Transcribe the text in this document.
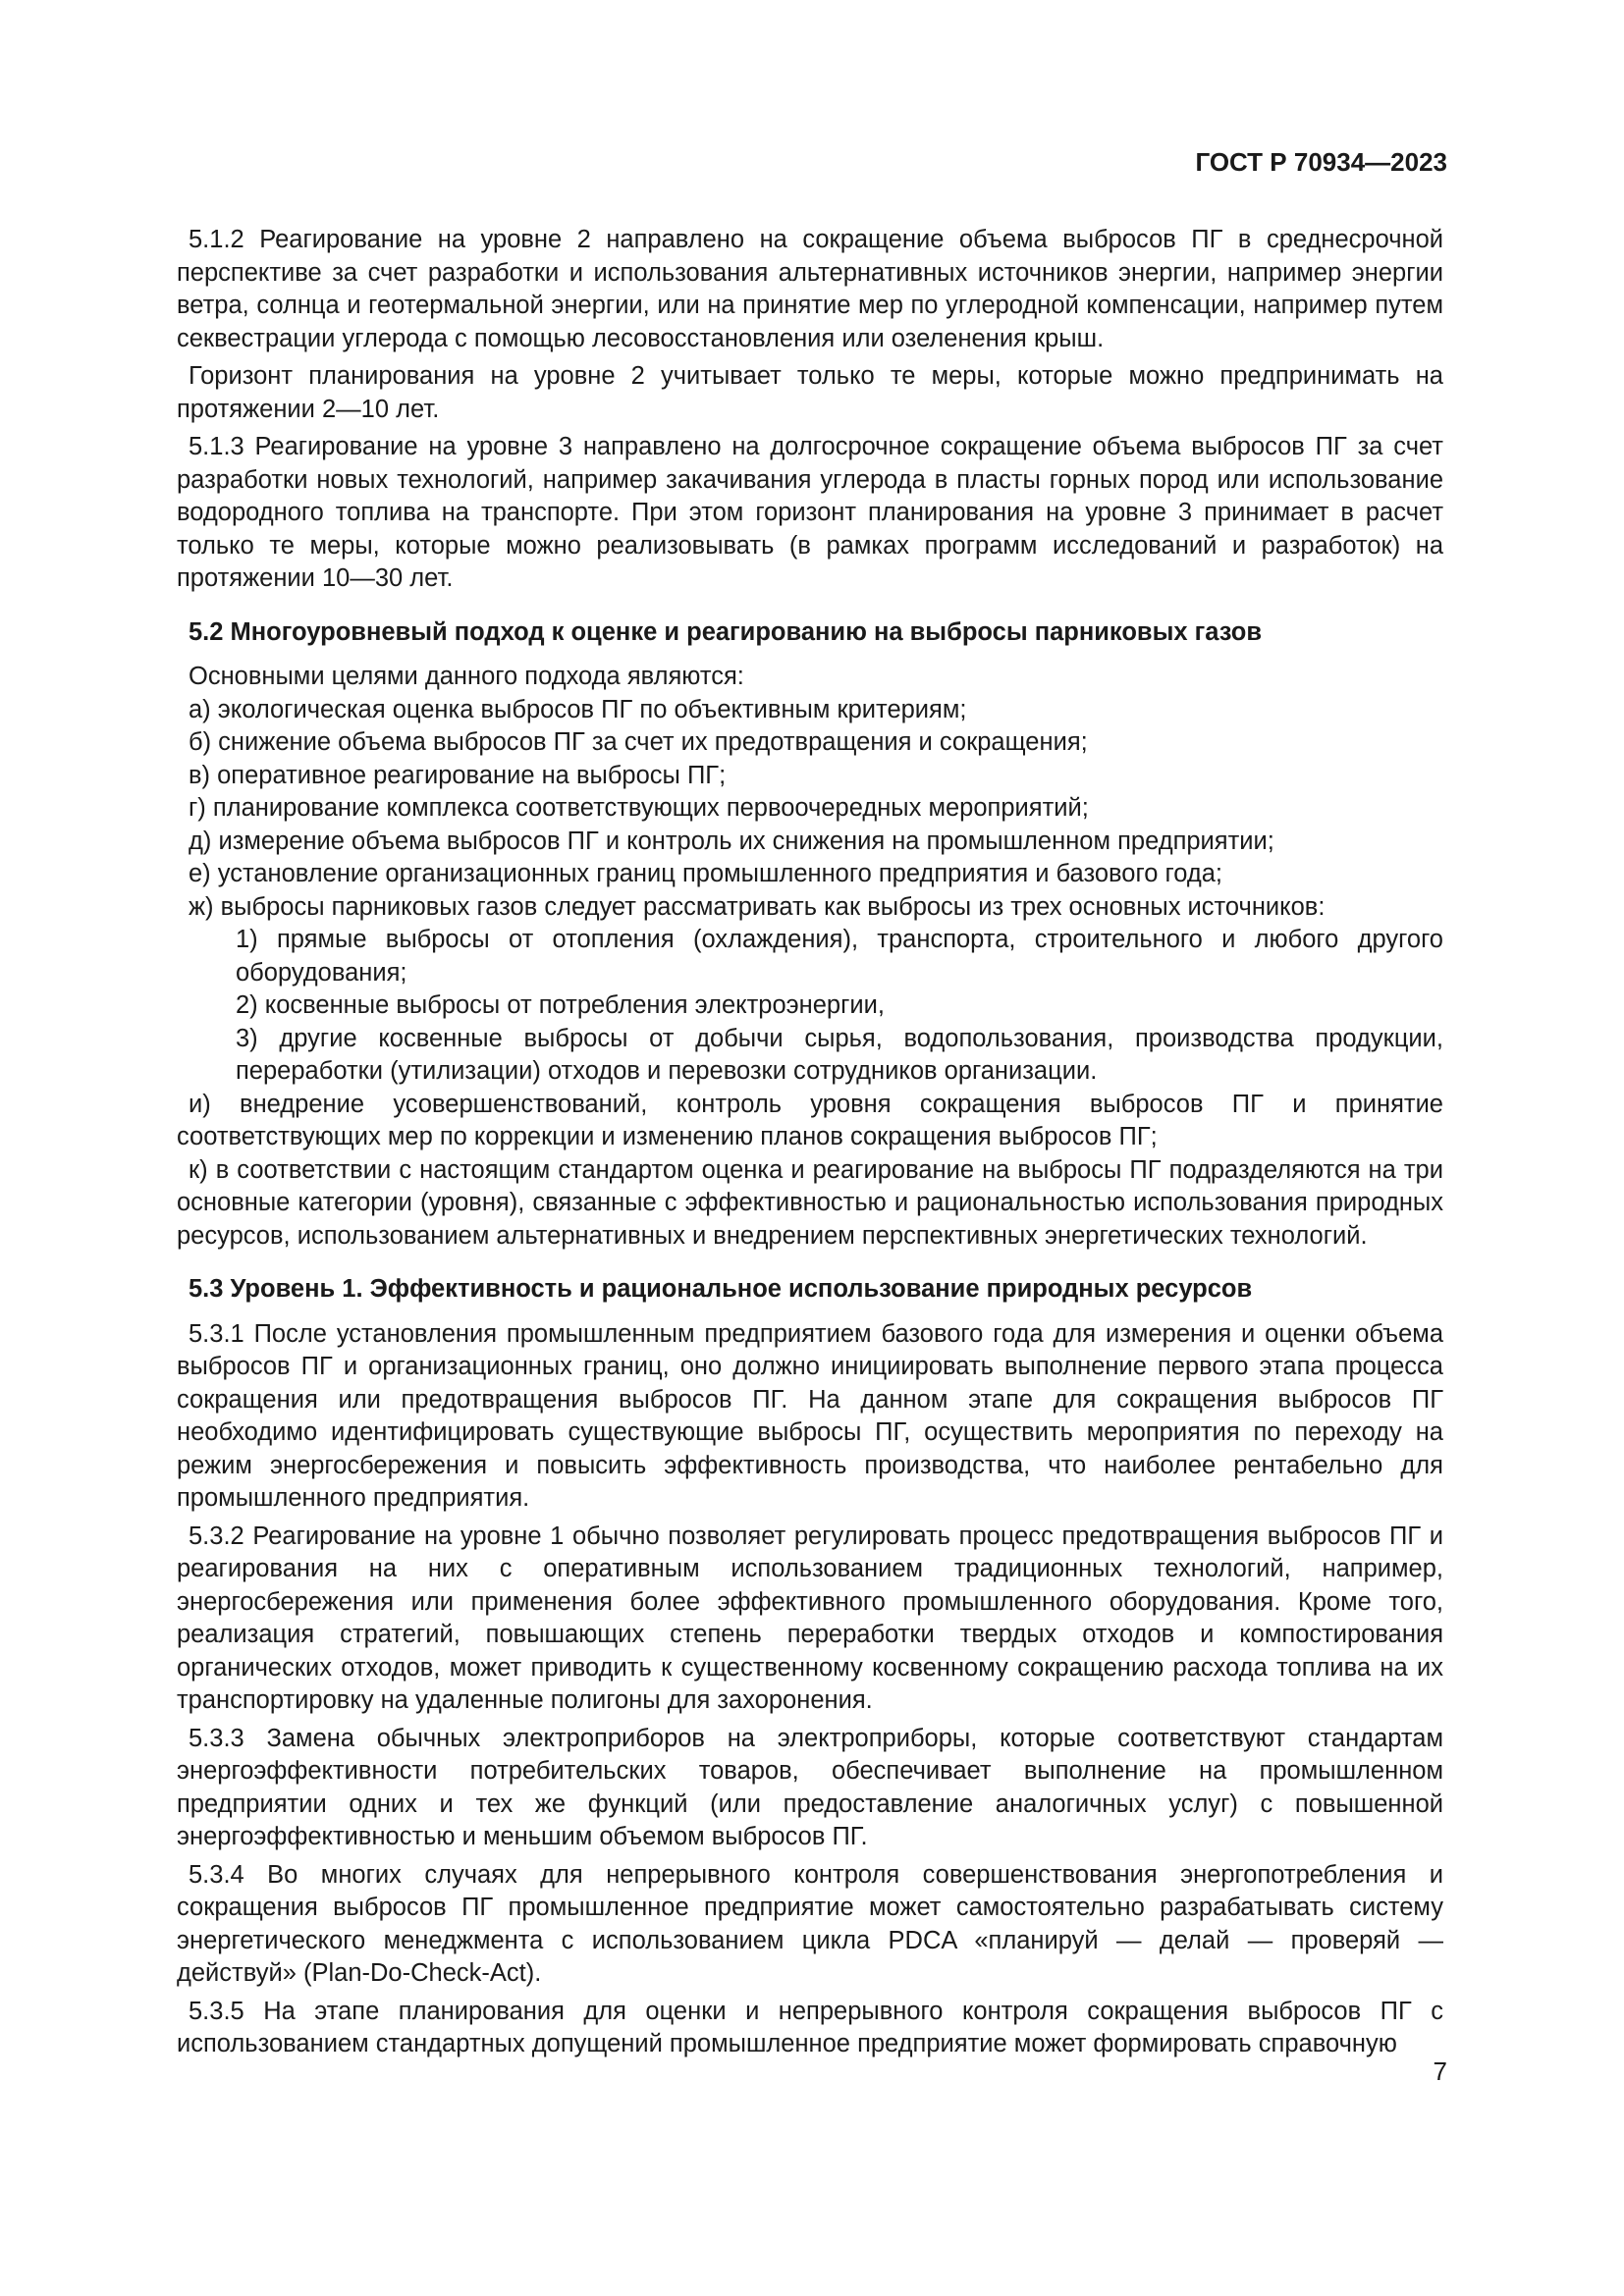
ГОСТ Р 70934—2023

5.1.2 Реагирование на уровне 2 направлено на сокращение объема выбросов ПГ в среднесрочной перспективе за счет разработки и использования альтернативных источников энергии, например энергии ветра, солнца и геотермальной энергии, или на принятие мер по углеродной компенсации, например путем секвестрации углерода с помощью лесовосстановления или озеленения крыш.

Горизонт планирования на уровне 2 учитывает только те меры, которые можно предпринимать на протяжении 2—10 лет.

5.1.3 Реагирование на уровне 3 направлено на долгосрочное сокращение объема выбросов ПГ за счет разработки новых технологий, например закачивания углерода в пласты горных пород или использование водородного топлива на транспорте. При этом горизонт планирования на уровне 3 принимает в расчет только те меры, которые можно реализовывать (в рамках программ исследований и разработок) на протяжении 10—30 лет.

5.2 Многоуровневый подход к оценке и реагированию на выбросы парниковых газов

Основными целями данного подхода являются:

а) экологическая оценка выбросов ПГ по объективным критериям;

б) снижение объема выбросов ПГ за счет их предотвращения и сокращения;

в) оперативное реагирование на выбросы ПГ;

г) планирование комплекса соответствующих первоочередных мероприятий;

д) измерение объема выбросов ПГ и контроль их снижения на промышленном предприятии;

е) установление организационных границ промышленного предприятия и базового года;

ж) выбросы парниковых газов следует рассматривать как выбросы из трех основных источников:

1) прямые выбросы от отопления (охлаждения), транспорта, строительного и любого другого оборудования;

2) косвенные выбросы от потребления электроэнергии,

3) другие косвенные выбросы от добычи сырья, водопользования, производства продукции, переработки (утилизации) отходов и перевозки сотрудников организации.

и) внедрение усовершенствований, контроль уровня сокращения выбросов ПГ и принятие соответствующих мер по коррекции и изменению планов сокращения выбросов ПГ;

к) в соответствии с настоящим стандартом оценка и реагирование на выбросы ПГ подразделяются на три основные категории (уровня), связанные с эффективностью и рациональностью использования природных ресурсов, использованием альтернативных и внедрением перспективных энергетических технологий.

5.3 Уровень 1. Эффективность и рациональное использование природных ресурсов

5.3.1 После установления промышленным предприятием базового года для измерения и оценки объема выбросов ПГ и организационных границ, оно должно инициировать выполнение первого этапа процесса сокращения или предотвращения выбросов ПГ. На данном этапе для сокращения выбросов ПГ необходимо идентифицировать существующие выбросы ПГ, осуществить мероприятия по переходу на режим энергосбережения и повысить эффективность производства, что наиболее рентабельно для промышленного предприятия.

5.3.2 Реагирование на уровне 1 обычно позволяет регулировать процесс предотвращения выбросов ПГ и реагирования на них с оперативным использованием традиционных технологий, например, энергосбережения или применения более эффективного промышленного оборудования. Кроме того, реализация стратегий, повышающих степень переработки твердых отходов и компостирования органических отходов, может приводить к существенному косвенному сокращению расхода топлива на их транспортировку на удаленные полигоны для захоронения.

5.3.3 Замена обычных электроприборов на электроприборы, которые соответствуют стандартам энергоэффективности потребительских товаров, обеспечивает выполнение на промышленном предприятии одних и тех же функций (или предоставление аналогичных услуг) с повышенной энергоэффективностью и меньшим объемом выбросов ПГ.

5.3.4 Во многих случаях для непрерывного контроля совершенствования энергопотребления и сокращения выбросов ПГ промышленное предприятие может самостоятельно разрабатывать систему энергетического менеджмента с использованием цикла PDCA «планируй — делай — проверяй — действуй» (Plan-Do-Check-Act).

5.3.5 На этапе планирования для оценки и непрерывного контроля сокращения выбросов ПГ с использованием стандартных допущений промышленное предприятие может формировать справочную

7
